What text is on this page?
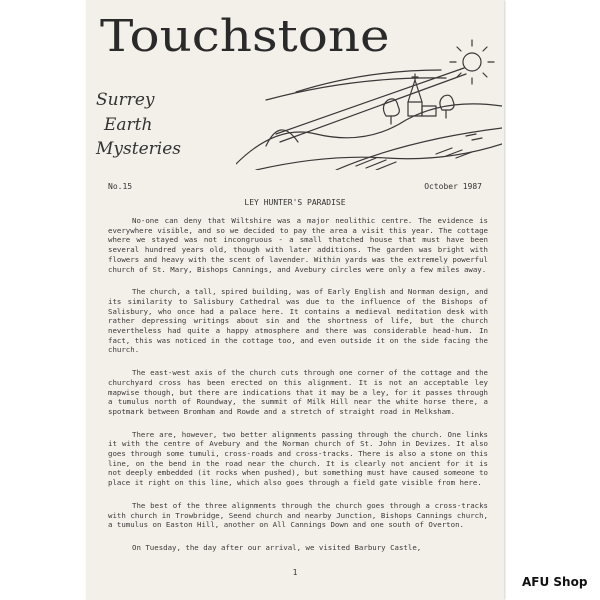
Touchstone
Surrey
Earth
Mysteries
No.15	October 1987
LEY HUNTER'S PARADISE

No-one can deny that Wiltshire was a major neolithic centre. The evidence is everywhere visible, and so we decided to pay the area a visit this year. The cottage where we stayed was not incongruous - a small thatched house that must have been several hundred years old, though with later additions. The garden was bright with flowers and heavy with the scent of lavender. Within yards was the extremely powerful church of St. Mary, Bishops Cannings, and Avebury circles were only a few miles away.

The church, a tall, spired building, was of Early English and Norman design, and its similarity to Salisbury Cathedral was due to the influence of the Bishops of Salisbury, who once had a palace here. It contains a medieval meditation desk with rather depressing writings about sin and the shortness of life, but the church nevertheless had quite a happy atmosphere and there was considerable head-hum. In fact, this was noticed in the cottage too, and even outside it on the side facing the church.

The east-west axis of the church cuts through one corner of the cottage and the churchyard cross has been erected on this alignment. It is not an acceptable ley mapwise though, but there are indications that it may be a ley, for it passes through a tumulus north of Roundway, the summit of Milk Hill near the white horse there, a spotmark between Bromham and Rowde and a stretch of straight road in Melksham.

There are, however, two better alignments passing through the church. One links it with the centre of Avebury and the Norman church of St. John in Devizes. It also goes through some tumuli, cross-roads and cross-tracks. There is also a stone on this line, on the bend in the road near the church. It is clearly not ancient for it is not deeply embedded (it rocks when pushed), but something must have caused someone to place it right on this line, which also goes through a field gate visible from here.

The best of the three alignments through the church goes through a cross-tracks with church in Trowbridge, Seend church and nearby Junction, Bishops Cannings church, a tumulus on Easton Hill, another on All Cannings Down and one south of Overton.

On Tuesday, the day after our arrival, we visited Barbury Castle,

1
AFU Shop
